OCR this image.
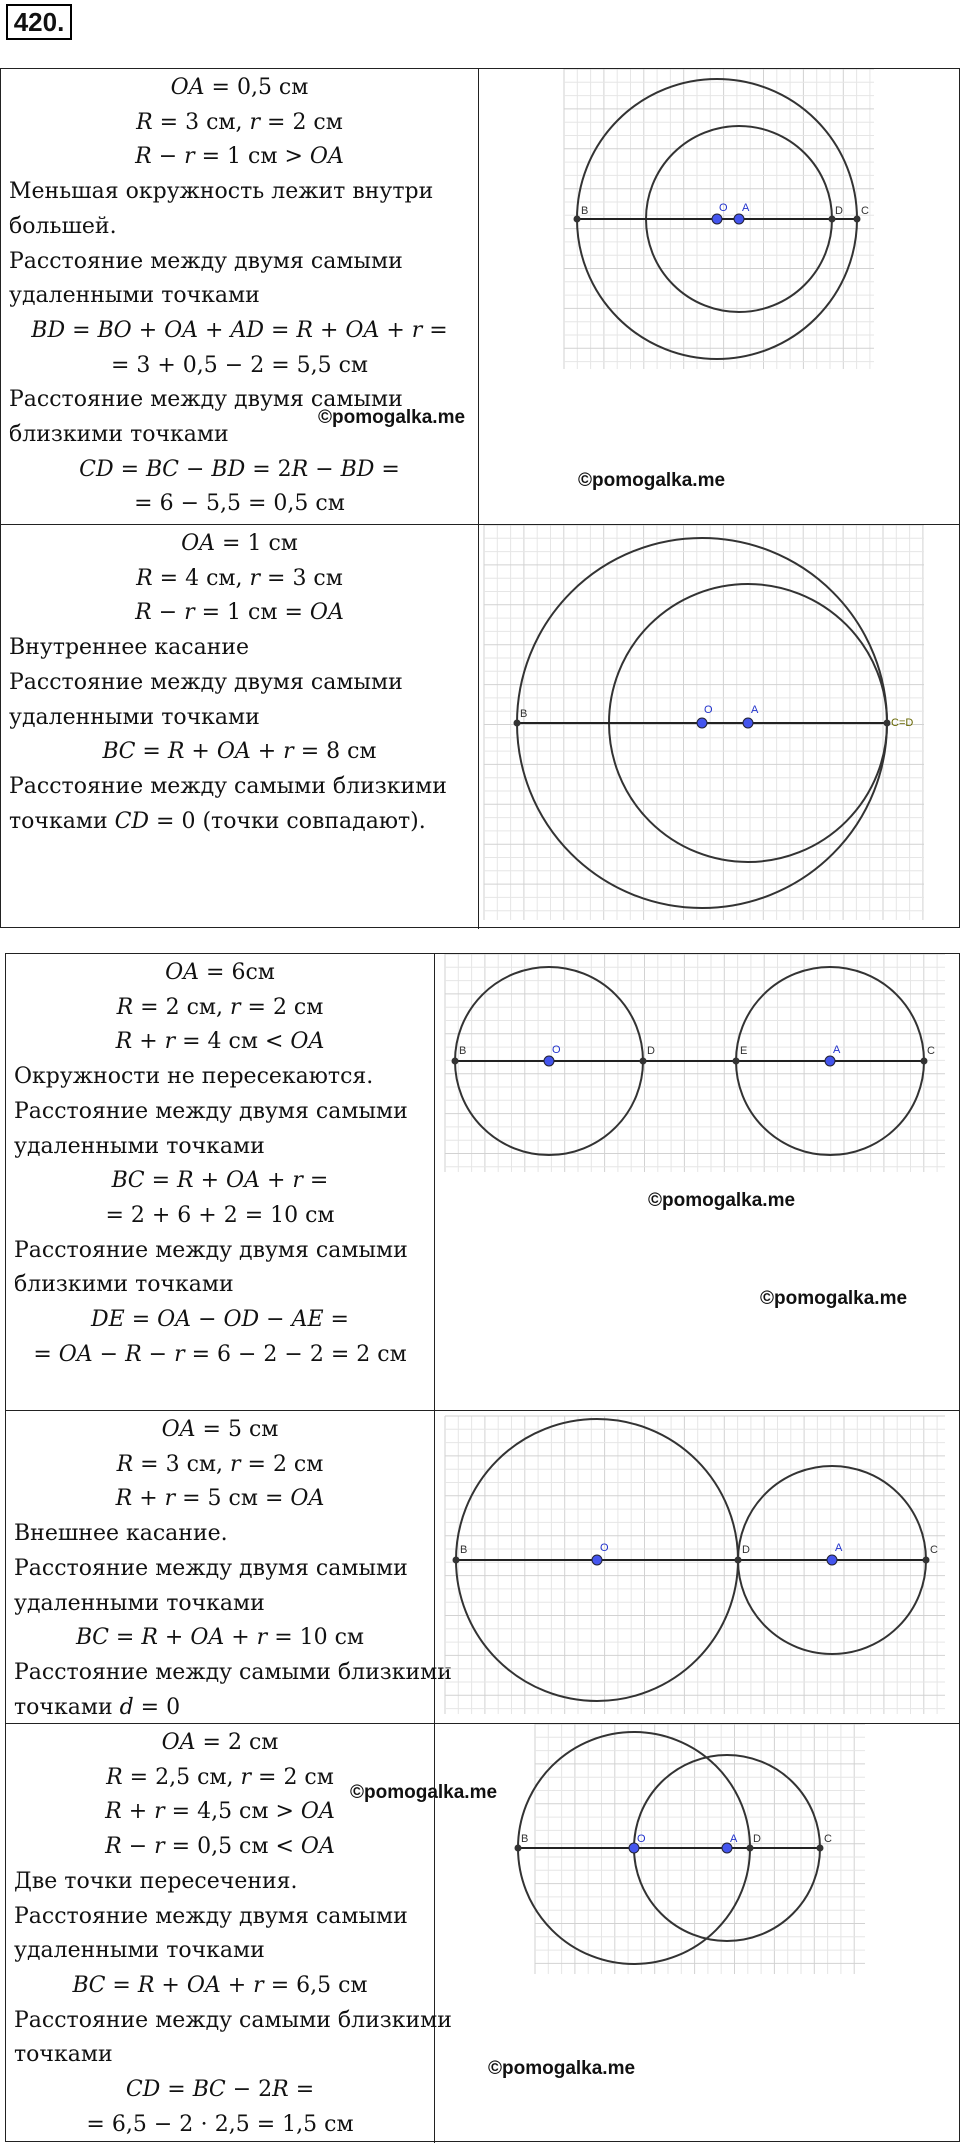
420.
𝑂𝐴 = 0,5 см
𝑅 = 3 см, 𝑟 = 2 см
𝑅 − 𝑟 = 1 см > 𝑂𝐴
Меньшая окружность лежит внутри
большей.
Расстояние между двумя самыми
удаленными точками
𝐵𝐷 = 𝐵𝑂 + 𝑂𝐴 + 𝐴𝐷 = 𝑅 + 𝑂𝐴 + 𝑟 =
= 3 + 0,5 − 2 = 5,5 см
Расстояние между двумя самыми
близкими точками
𝐶𝐷 = 𝐵𝐶 − 𝐵𝐷 = 2𝑅 − 𝐵𝐷 =
= 6 − 5,5 = 0,5 см
B	O A	D C
𝑂𝐴 = 1 см
𝑅 = 4 см, 𝑟 = 3 см
𝑅 − 𝑟 = 1 см = 𝑂𝐴
Внутреннее касание
Расстояние между двумя самыми
удаленными точками
𝐵𝐶 = 𝑅 + 𝑂𝐴 + 𝑟 = 8 см
Расстояние между самыми близкими
точками 𝐶𝐷 = 0 (точки совпадают).
B	O	A
C=D
©pomogalka.me
©pomogalka.me
𝑂𝐴 = 6см
𝑅 = 2 см, 𝑟 = 2 см
𝑅 + 𝑟 = 4 см < 𝑂𝐴
Окружности не пересекаются.
Расстояние между двумя самыми
удаленными точками
𝐵𝐶 = 𝑅 + 𝑂𝐴 + 𝑟 =
= 2 + 6 + 2 = 10 см
Расстояние между двумя самыми
близкими точками
𝐷𝐸 = 𝑂𝐴 − 𝑂𝐷 − 𝐴𝐸 =
= 𝑂𝐴 − 𝑅 − 𝑟 = 6 − 2 − 2 = 2 см
B	O	D	E	A	C
𝑂𝐴 = 5 см
𝑅 = 3 см, 𝑟 = 2 см
𝑅 + 𝑟 = 5 см = 𝑂𝐴
Внешнее касание.
Расстояние между двумя самыми
удаленными точками
𝐵𝐶 = 𝑅 + 𝑂𝐴 + 𝑟 = 10 см
Расстояние между самыми близкими
точками 𝑑 = 0
B	O	D	A	C
𝑂𝐴 = 2 см
𝑅 = 2,5 см, 𝑟 = 2 см
𝑅 + 𝑟 = 4,5 см > 𝑂𝐴
𝑅 − 𝑟 = 0,5 см < 𝑂𝐴
Две точки пересечения.
Расстояние между двумя самыми
удаленными точками
𝐵𝐶 = 𝑅 + 𝑂𝐴 + 𝑟 = 6,5 см
Расстояние между самыми близкими
точками
𝐶𝐷 = 𝐵𝐶 − 2𝑅 =
= 6,5 − 2 ⋅ 2,5 = 1,5 см
B	O	A D	C
©pomogalka.me
©pomogalka.me
©pomogalka.me
©pomogalka.me
